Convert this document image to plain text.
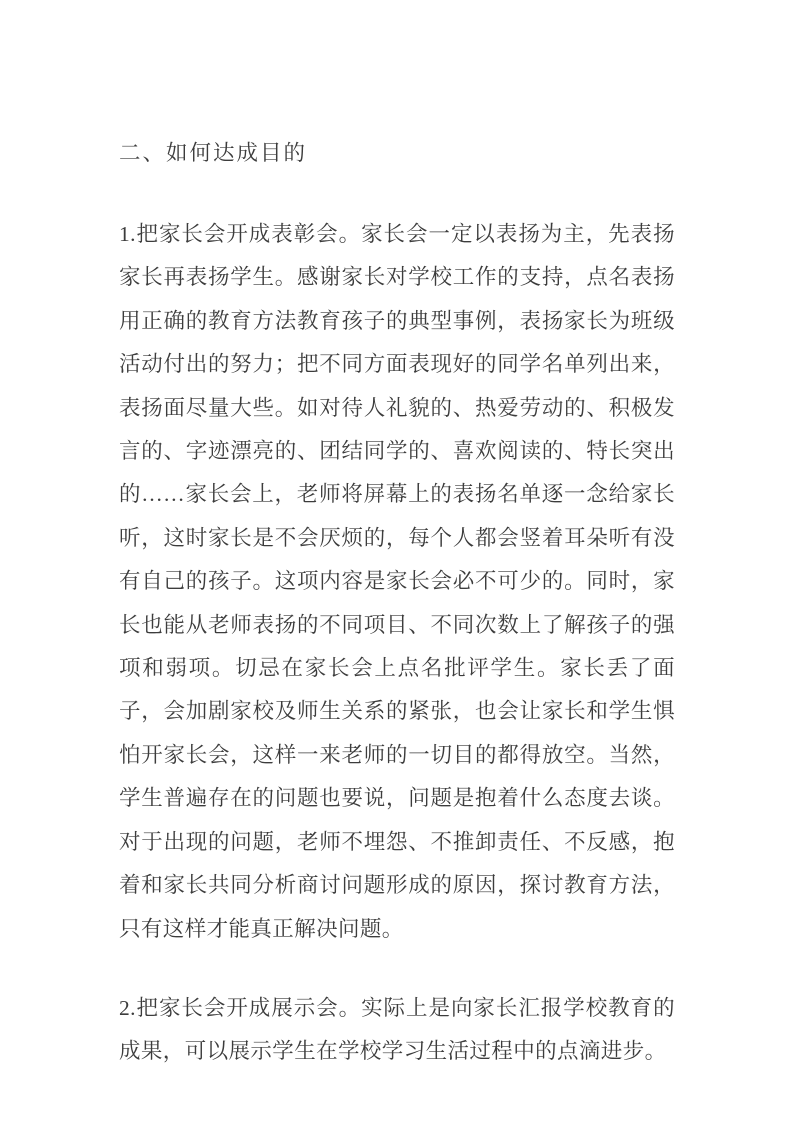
二、如何达成目的

1.把家长会开成表彰会。家长会一定以表扬为主，先表扬家长再表扬学生。感谢家长对学校工作的支持，点名表扬用正确的教育方法教育孩子的典型事例，表扬家长为班级活动付出的努力；把不同方面表现好的同学名单列出来，表扬面尽量大些。如对待人礼貌的、热爱劳动的、积极发言的、字迹漂亮的、团结同学的、喜欢阅读的、特长突出的……家长会上，老师将屏幕上的表扬名单逐一念给家长听，这时家长是不会厌烦的，每个人都会竖着耳朵听有没有自己的孩子。这项内容是家长会必不可少的。同时，家长也能从老师表扬的不同项目、不同次数上了解孩子的强项和弱项。切忌在家长会上点名批评学生。家长丢了面子，会加剧家校及师生关系的紧张，也会让家长和学生惧怕开家长会，这样一来老师的一切目的都得放空。当然，学生普遍存在的问题也要说，问题是抱着什么态度去谈。对于出现的问题，老师不埋怨、不推卸责任、不反感，抱着和家长共同分析商讨问题形成的原因，探讨教育方法，只有这样才能真正解决问题。

2.把家长会开成展示会。实际上是向家长汇报学校教育的成果，可以展示学生在学校学习生活过程中的点滴进步。
